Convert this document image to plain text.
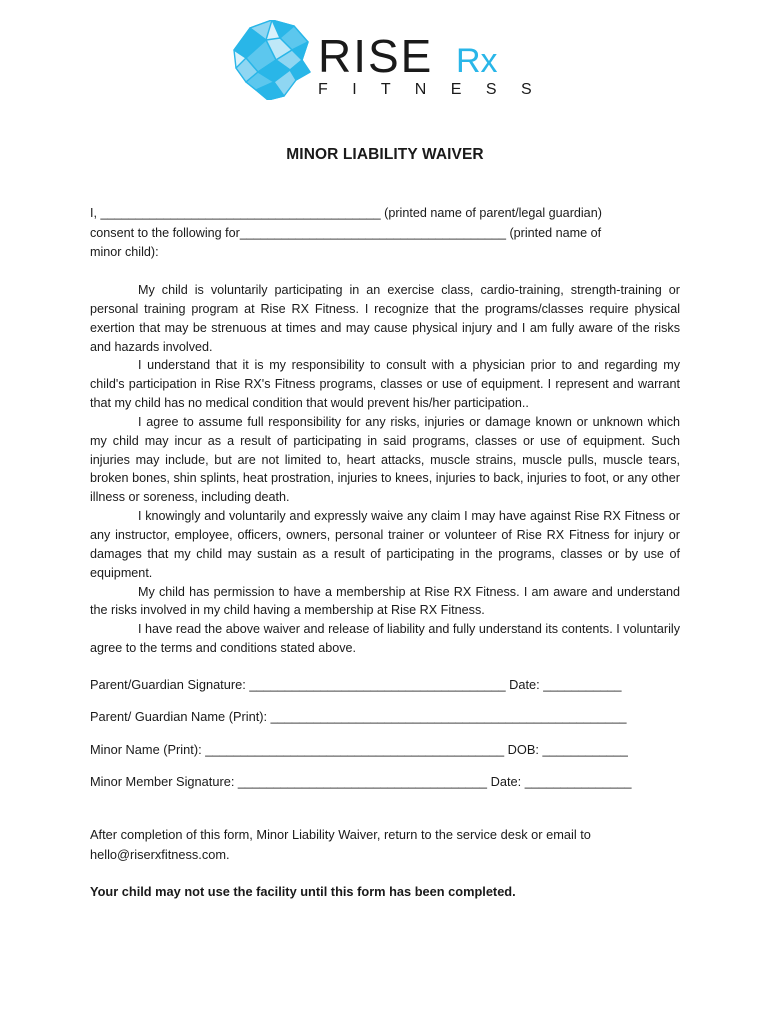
RISE Rx
F I T N E S S
MINOR LIABILITY WAIVER

I, ________________________________________ (printed name of parent/legal guardian)

consent to the following for______________________________________ (printed name of

minor child):

My child is voluntarily participating in an exercise class, cardio-training, strength-training or personal training program at Rise RX Fitness. I recognize that the programs/classes require physical exertion that may be strenuous at times and may cause physical injury and I am fully aware of the risks and hazards involved.

I understand that it is my responsibility to consult with a physician prior to and regarding my child's participation in Rise RX's Fitness programs, classes or use of equipment. I represent and warrant that my child has no medical condition that would prevent his/her participation..

I agree to assume full responsibility for any risks, injuries or damage known or unknown which my child may incur as a result of participating in said programs, classes or use of equipment. Such injuries may include, but are not limited to, heart attacks, muscle strains, muscle pulls, muscle tears, broken bones, shin splints, heat prostration, injuries to knees, injuries to back, injuries to foot, or any other illness or soreness, including death.

I knowingly and voluntarily and expressly waive any claim I may have against Rise RX Fitness or any instructor, employee, officers, owners, personal trainer or volunteer of Rise RX Fitness for injury or damages that my child may sustain as a result of participating in the programs, classes or by use of equipment.

My child has permission to have a membership at Rise RX Fitness. I am aware and understand the risks involved in my child having a membership at Rise RX Fitness.

I have read the above waiver and release of liability and fully understand its contents. I voluntarily agree to the terms and conditions stated above.

Parent/Guardian Signature: ____________________________________ Date: ___________
Parent/ Guardian Name (Print): __________________________________________________
Minor Name (Print): __________________________________________ DOB: ____________
Minor Member Signature: ___________________________________ Date: _______________

After completion of this form, Minor Liability Waiver, return to the service desk or email to hello@riserxfitness.com.

Your child may not use the facility until this form has been completed.
